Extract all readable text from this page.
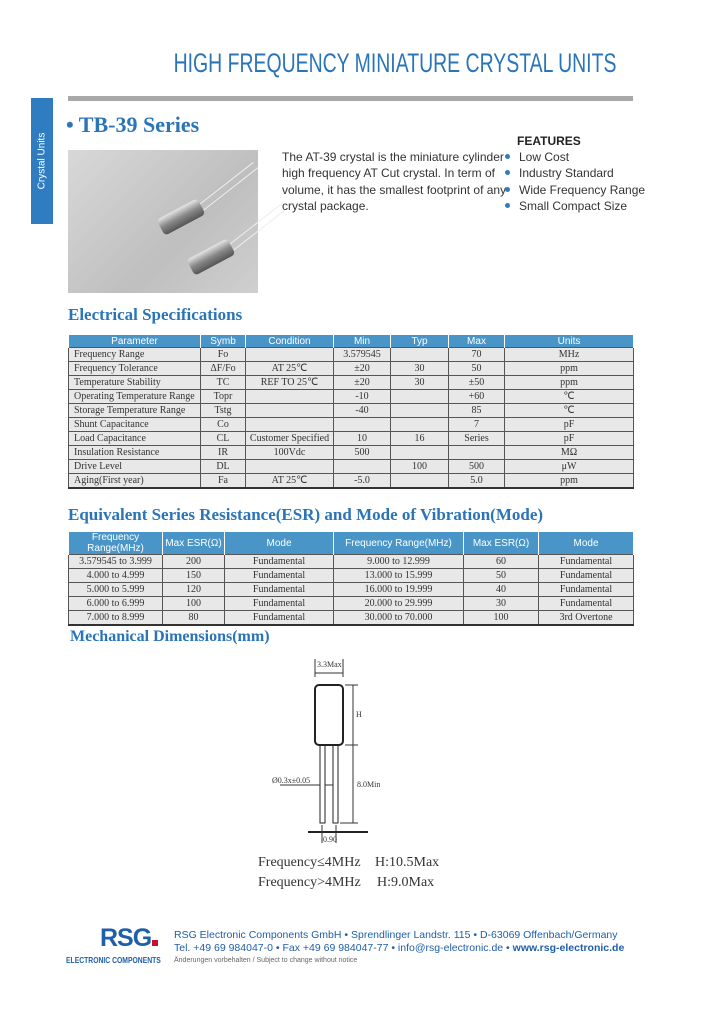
HIGH FREQUENCY MINIATURE CRYSTAL UNITS
Crystal Units
• TB-39 Series
The AT-39 crystal is the miniature cylinder high frequency AT Cut crystal. In term of volume, it has the smallest footprint of any crystal package.
FEATURES
Low Cost
Industry Standard
Wide Frequency Range
Small Compact Size
Electrical Specifications
Parameter	Symb	Condition	Min	Typ	Max	Units
Frequency Range	Fo		3.579545		70	MHz
Frequency Tolerance	ΔF/Fo	AT 25℃	±20	30	50	ppm
Temperature Stability	TC	REF TO 25℃	±20	30	±50	ppm
Operating Temperature Range	Topr		-10		+60	℃
Storage Temperature Range	Tstg		-40		85	℃
Shunt Capacitance	Co				7	pF
Load Capacitance	CL	Customer Specified	10	16	Series	pF
Insulation Resistance	IR	100Vdc	500			MΩ
Drive Level	DL			100	500	μW
Aging(First year)	Fa	AT 25℃	-5.0		5.0	ppm
Equivalent Series Resistance(ESR) and Mode of Vibration(Mode)
Frequency Range(MHz)	Max ESR(Ω)	Mode	Frequency Range(MHz)	Max ESR(Ω)	Mode
3.579545 to 3.999	200	Fundamental	9.000 to 12.999	60	Fundamental
4.000 to 4.999	150	Fundamental	13.000 to 15.999	50	Fundamental
5.000 to 5.999	120	Fundamental	16.000 to 19.999	40	Fundamental
6.000 to 6.999	100	Fundamental	20.000 to 29.999	30	Fundamental
7.000 to 8.999	80	Fundamental	30.000 to 70.000	100	3rd Overtone
Mechanical Dimensions(mm)
3.3Max
H
8.0Min
Ø0.3x±0.05
0.90
Frequency≤4MHz H:10.5Max
Frequency>4MHz H:9.0Max
RSG
ELECTRONIC COMPONENTS
RSG Electronic Components GmbH • Sprendlinger Landstr. 115 • D-63069 Offenbach/Germany
Tel. +49 69 984047-0 • Fax +49 69 984047-77 • info@rsg-electronic.de • www.rsg-electronic.de
Änderungen vorbehalten / Subject to change without notice
